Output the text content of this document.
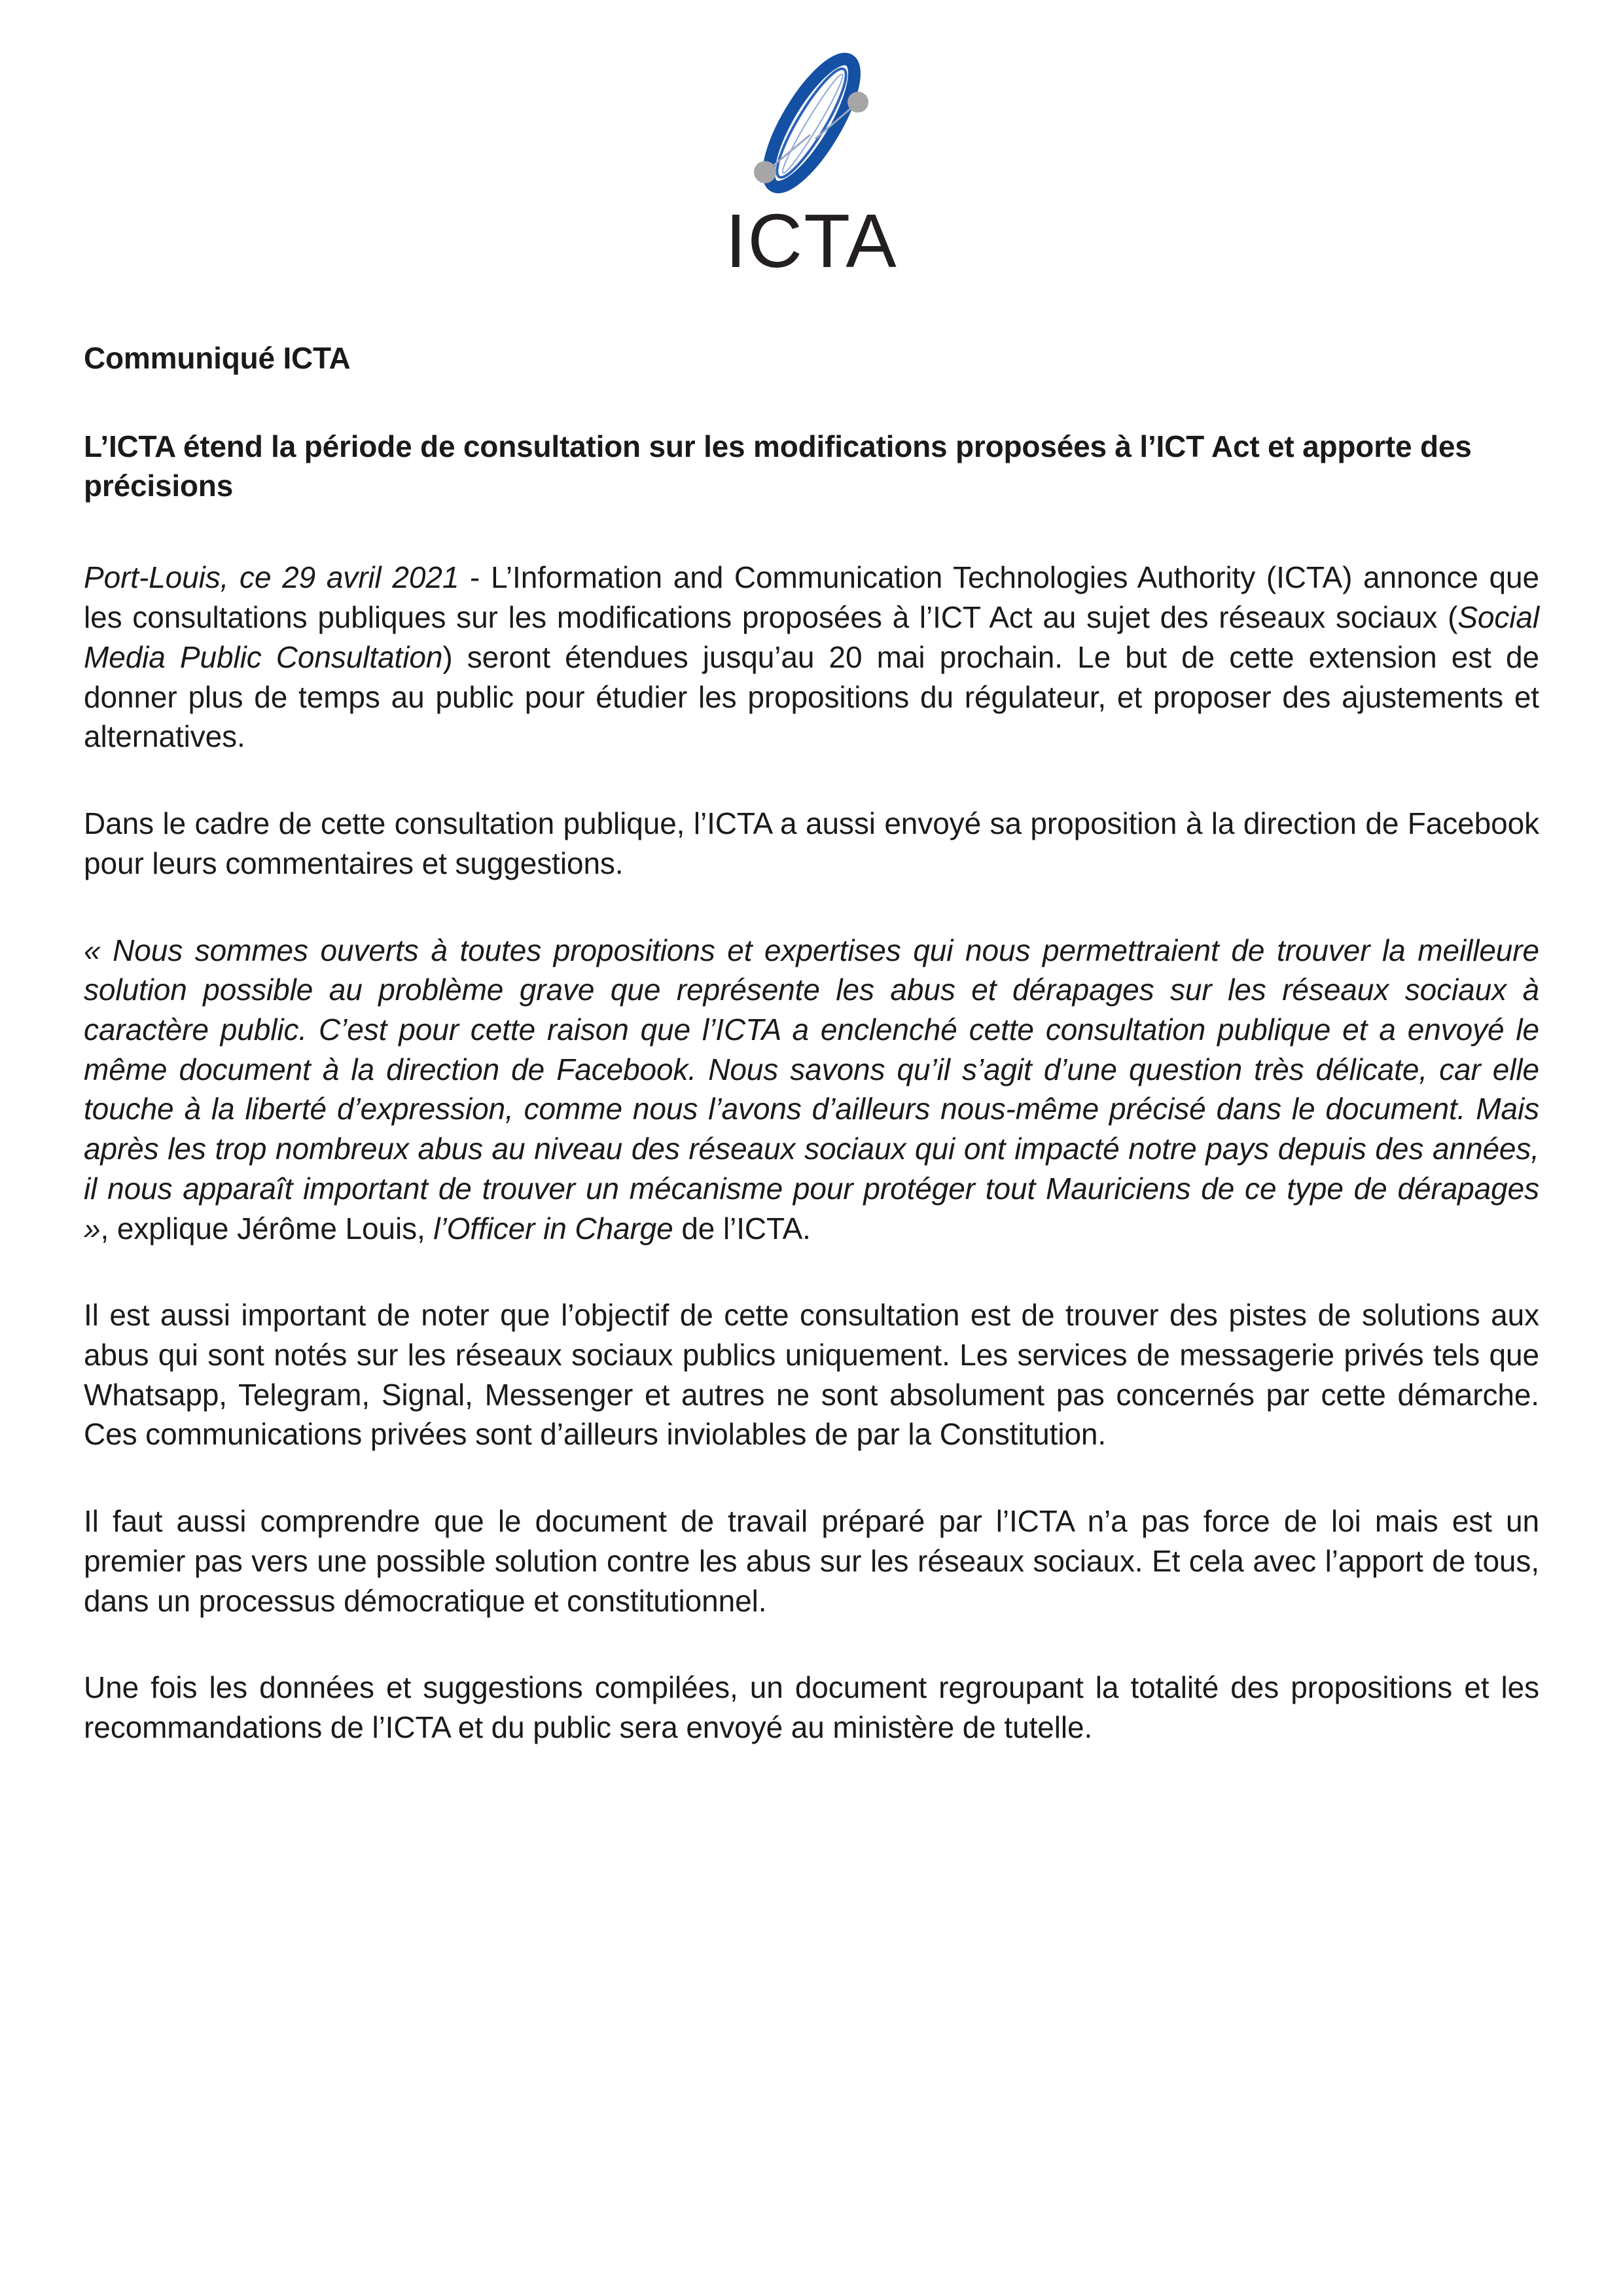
ICTA
Communiqué ICTA
L’ICTA étend la période de consultation sur les modifications proposées à l’ICT Act et apporte des précisions

Port-Louis, ce 29 avril 2021 - L’Information and Communication Technologies Authority (ICTA) annonce que les consultations publiques sur les modifications proposées à l’ICT Act au sujet des réseaux sociaux (Social Media Public Consultation) seront étendues jusqu’au 20 mai prochain. Le but de cette extension est de donner plus de temps au public pour étudier les propositions du régulateur, et proposer des ajustements et alternatives.

Dans le cadre de cette consultation publique, l’ICTA a aussi envoyé sa proposition à la direction de Facebook pour leurs commentaires et suggestions.

« Nous sommes ouverts à toutes propositions et expertises qui nous permettraient de trouver la meilleure solution possible au problème grave que représente les abus et dérapages sur les réseaux sociaux à caractère public. C’est pour cette raison que l’ICTA a enclenché cette consultation publique et a envoyé le même document à la direction de Facebook. Nous savons qu’il s’agit d’une question très délicate, car elle touche à la liberté d’expression, comme nous l’avons d’ailleurs nous-même précisé dans le document. Mais après les trop nombreux abus au niveau des réseaux sociaux qui ont impacté notre pays depuis des années, il nous apparaît important de trouver un mécanisme pour protéger tout Mauriciens de ce type de dérapages », explique Jérôme Louis, l’Officer in Charge de l’ICTA.

Il est aussi important de noter que l’objectif de cette consultation est de trouver des pistes de solutions aux abus qui sont notés sur les réseaux sociaux publics uniquement. Les services de messagerie privés tels que Whatsapp, Telegram, Signal, Messenger et autres ne sont absolument pas concernés par cette démarche. Ces communications privées sont d’ailleurs inviolables de par la Constitution.

Il faut aussi comprendre que le document de travail préparé par l’ICTA n’a pas force de loi mais est un premier pas vers une possible solution contre les abus sur les réseaux sociaux. Et cela avec l’apport de tous, dans un processus démocratique et constitutionnel.

Une fois les données et suggestions compilées, un document regroupant la totalité des propositions et les recommandations de l’ICTA et du public sera envoyé au ministère de tutelle.
